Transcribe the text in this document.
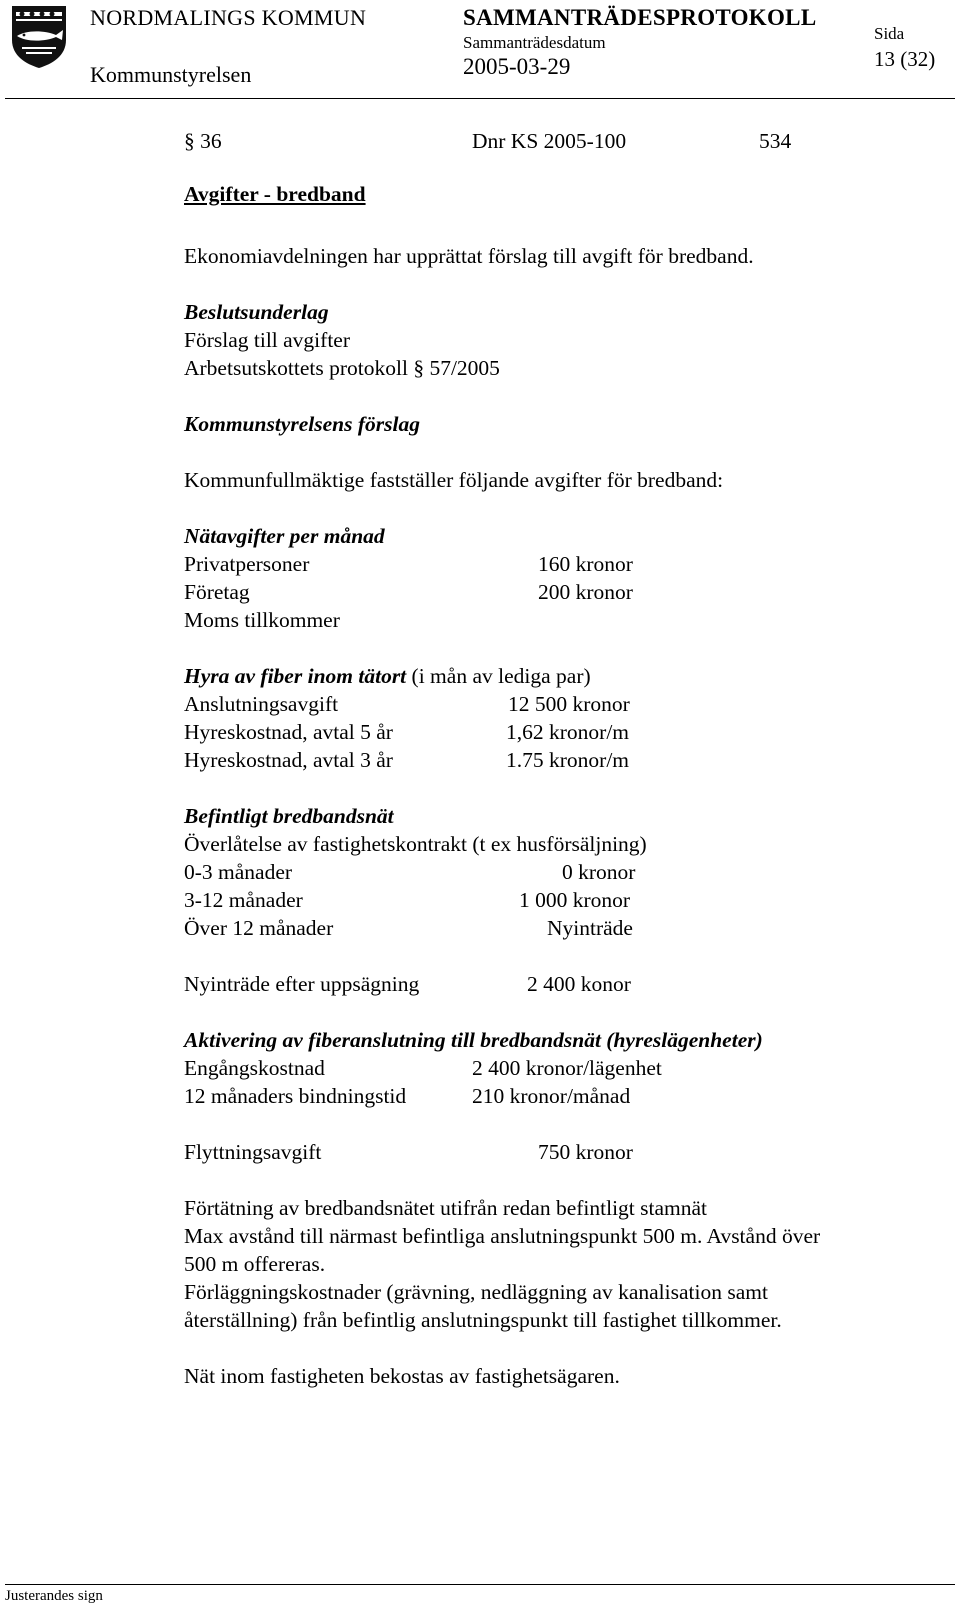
NORDMALINGS KOMMUN
Kommunstyrelsen
SAMMANTRÄDESPROTOKOLL
Sammanträdesdatum
2005-03-29
Sida
13 (32)
§ 36	Dnr KS 2005-100	534
Avgifter - bredband
Ekonomiavdelningen har upprättat förslag till avgift för bredband.
Beslutsunderlag
Förslag till avgifter
Arbetsutskottets protokoll § 57/2005
Kommunstyrelsens förslag
Kommunfullmäktige fastställer följande avgifter för bredband:
Nätavgifter per månad
Privatpersoner	160 kronor
Företag	200 kronor
Moms tillkommer
Hyra av fiber inom tätort (i mån av lediga par)
Anslutningsavgift	12 500 kronor
Hyreskostnad, avtal 5 år	1,62 kronor/m
Hyreskostnad, avtal 3 år	1.75 kronor/m
Befintligt bredbandsnät
Överlåtelse av fastighetskontrakt (t ex husförsäljning)
0-3 månader	0 kronor
3-12 månader	1 000 kronor
Över 12 månader	Nyinträde
Nyinträde efter uppsägning	2 400 konor
Aktivering av fiberanslutning till bredbandsnät (hyreslägenheter)
Engångskostnad	2 400 kronor/lägenhet
12 månaders bindningstid	210 kronor/månad
Flyttningsavgift	750 kronor
Förtätning av bredbandsnätet utifrån redan befintligt stamnät
Max avstånd till närmast befintliga anslutningspunkt 500 m. Avstånd över
500 m offereras.
Förläggningskostnader (grävning, nedläggning av kanalisation samt
återställning) från befintlig anslutningspunkt till fastighet tillkommer.
Nät inom fastigheten bekostas av fastighetsägaren.
Justerandes sign
